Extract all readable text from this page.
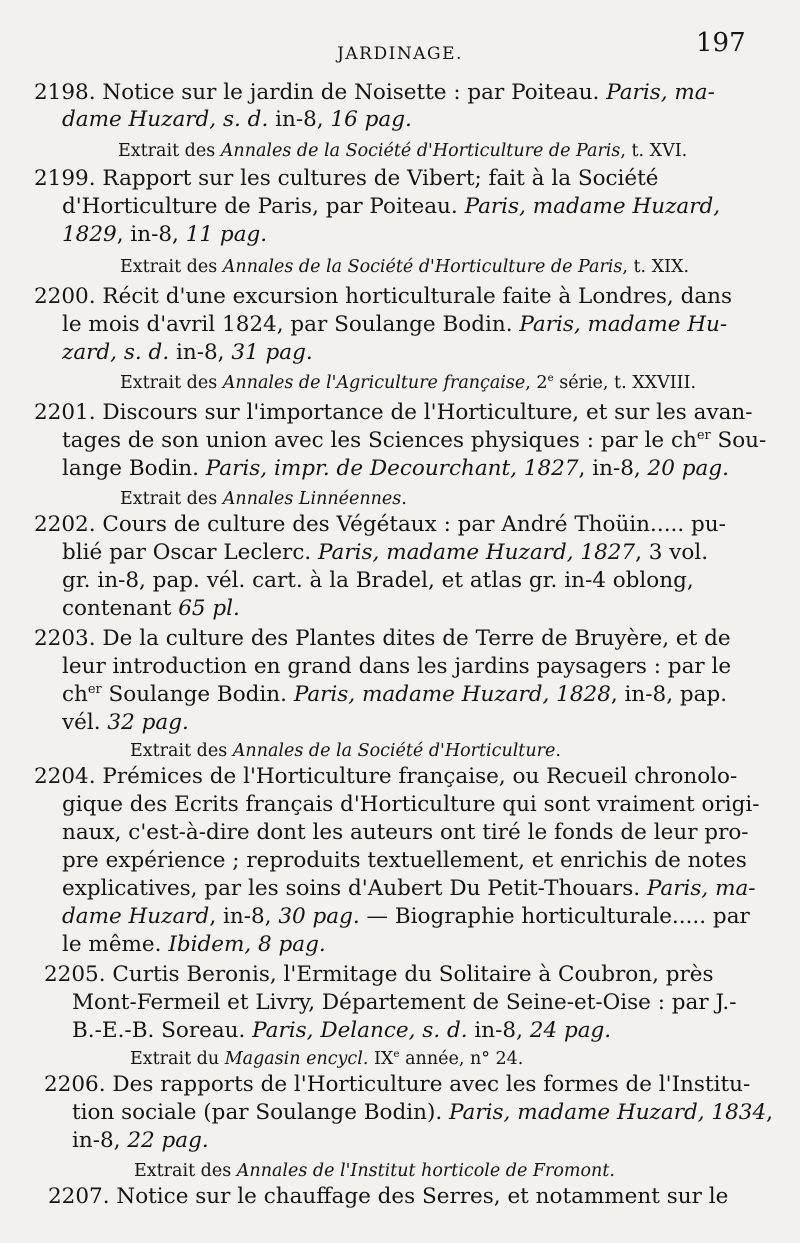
JARDINAGE.	197
2198. Notice sur le jardin de Noisette : par Poiteau. Paris, ma-
dame Huzard, s. d. in-8, 16 pag.
Extrait des Annales de la Société d'Horticulture de Paris, t. XVI.
2199. Rapport sur les cultures de Vibert; fait à la Société
d'Horticulture de Paris, par Poiteau. Paris, madame Huzard,
1829, in-8, 11 pag.
Extrait des Annales de la Société d'Horticulture de Paris, t. XIX.
2200. Récit d'une excursion horticulturale faite à Londres, dans
le mois d'avril 1824, par Soulange Bodin. Paris, madame Hu-
zard, s. d. in-8, 31 pag.
Extrait des Annales de l'Agriculture française, 2e série, t. XXVIII.
2201. Discours sur l'importance de l'Horticulture, et sur les avan-
tages de son union avec les Sciences physiques : par le $ch^{er}$ Sou-
lange Bodin. Paris, impr. de Decourchant, 1827, in-8, 20 pag.
Extrait des Annales Linnéennes.
2202. Cours de culture des Végétaux : par André Thoüin..... pu-
blié par Oscar Leclerc. Paris, madame Huzard, 1827, 3 vol.
gr. in-8, pap. vél. cart. à la Bradel, et atlas gr. in-4 oblong,
contenant 65 pl.
2203. De la culture des Plantes dites de Terre de Bruyère, et de
leur introduction en grand dans les jardins paysagers : par le
$ch^{er}$ Soulange Bodin. Paris, madame Huzard, 1828, in-8, pap.
vél. 32 pag.
Extrait des Annales de la Société d'Horticulture.
2204. Prémices de l'Horticulture française, ou Recueil chronolo-
gique des Ecrits français d'Horticulture qui sont vraiment origi-
naux, c'est-à-dire dont les auteurs ont tiré le fonds de leur pro-
pre expérience ; reproduits textuellement, et enrichis de notes
explicatives, par les soins d'Aubert Du Petit-Thouars. Paris, ma-
dame Huzard, in-8, 30 pag. — Biographie horticulturale..... par
le même. Ibidem, 8 pag.
2205. Curtis Beronis, l'Ermitage du Solitaire à Coubron, près
Mont-Fermeil et Livry, Département de Seine-et-Oise : par J.-
B.-E.-B. Soreau. Paris, Delance, s. d. in-8, 24 pag.
Extrait du Magasin encycl. IXe année, n° 24.
2206. Des rapports de l'Horticulture avec les formes de l'Institu-
tion sociale (par Soulange Bodin). Paris, madame Huzard, 1834,
in-8, 22 pag.
Extrait des Annales de l'Institut horticole de Fromont.
2207. Notice sur le chauffage des Serres, et notamment sur le
